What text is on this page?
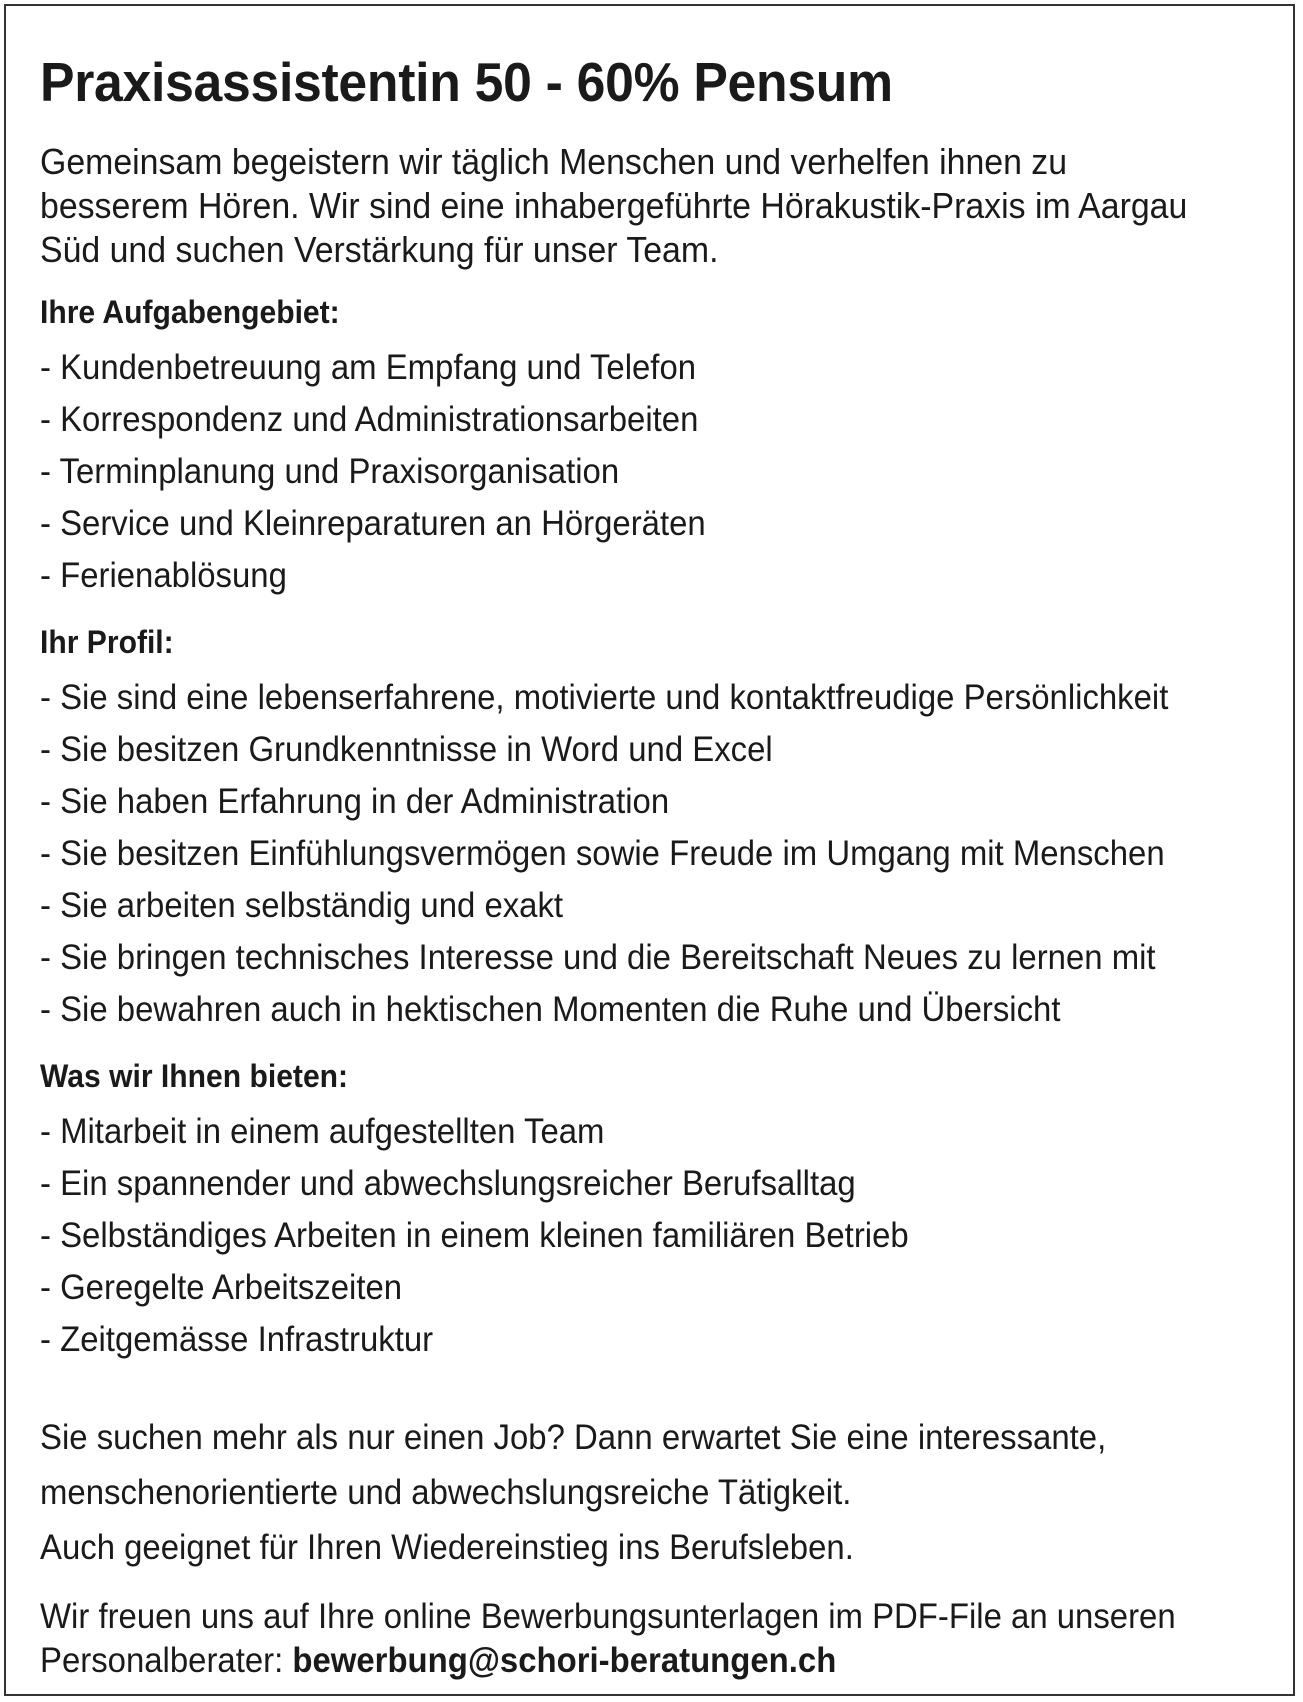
Praxisassistentin 50 - 60% Pensum

Gemeinsam begeistern wir täglich Menschen und verhelfen ihnen zu besserem Hören. Wir sind eine inhabergeführte Hörakustik-Praxis im Aargau Süd und suchen Verstärkung für unser Team.

Ihre Aufgabengebiet:
- Kundenbetreuung am Empfang und Telefon
- Korrespondenz und Administrationsarbeiten
- Terminplanung und Praxisorganisation
- Service und Kleinreparaturen an Hörgeräten
- Ferienablösung
Ihr Profil:
- Sie sind eine lebenserfahrene, motivierte und kontaktfreudige Persönlichkeit
- Sie besitzen Grundkenntnisse in Word und Excel
- Sie haben Erfahrung in der Administration
- Sie besitzen Einfühlungsvermögen sowie Freude im Umgang mit Menschen
- Sie arbeiten selbständig und exakt
- Sie bringen technisches Interesse und die Bereitschaft Neues zu lernen mit
- Sie bewahren auch in hektischen Momenten die Ruhe und Übersicht
Was wir Ihnen bieten:
- Mitarbeit in einem aufgestellten Team
- Ein spannender und abwechslungsreicher Berufsalltag
- Selbständiges Arbeiten in einem kleinen familiären Betrieb
- Geregelte Arbeitszeiten
- Zeitgemässe Infrastruktur
Sie suchen mehr als nur einen Job? Dann erwartet Sie eine interessante,
menschenorientierte und abwechslungsreiche Tätigkeit.
Auch geeignet für Ihren Wiedereinstieg ins Berufsleben.
Wir freuen uns auf Ihre online Bewerbungsunterlagen im PDF-File an unseren
Personalberater: bewerbung@schori-beratungen.ch
